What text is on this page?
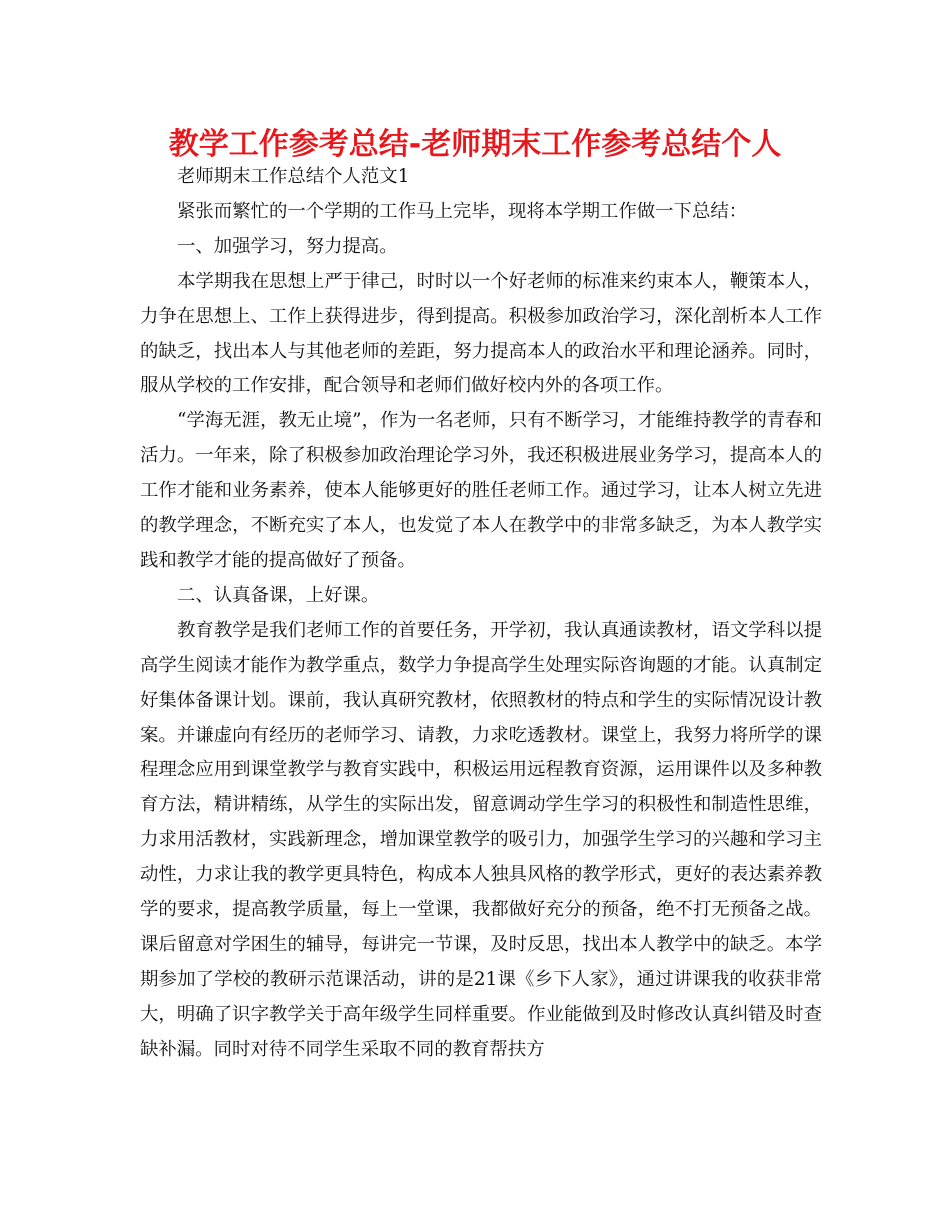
教学工作参考总结-老师期末工作参考总结个人

老师期末工作总结个人范文1

紧张而繁忙的一个学期的工作马上完毕，现将本学期工作做一下总结：

一、加强学习，努力提高。

本学期我在思想上严于律己，时时以一个好老师的标准来约束本人，鞭策本人，力争在思想上、工作上获得进步，得到提高。积极参加政治学习，深化剖析本人工作的缺乏，找出本人与其他老师的差距，努力提高本人的政治水平和理论涵养。同时，服从学校的工作安排，配合领导和老师们做好校内外的各项工作。

“学海无涯，教无止境”，作为一名老师，只有不断学习，才能维持教学的青春和活力。一年来，除了积极参加政治理论学习外，我还积极进展业务学习，提高本人的工作才能和业务素养，使本人能够更好的胜任老师工作。通过学习，让本人树立先进的教学理念，不断充实了本人，也发觉了本人在教学中的非常多缺乏，为本人教学实践和教学才能的提高做好了预备。

二、认真备课，上好课。

教育教学是我们老师工作的首要任务，开学初，我认真通读教材，语文学科以提高学生阅读才能作为教学重点，数学力争提高学生处理实际咨询题的才能。认真制定好集体备课计划。课前，我认真研究教材，依照教材的特点和学生的实际情况设计教案。并谦虚向有经历的老师学习、请教，力求吃透教材。课堂上，我努力将所学的课程理念应用到课堂教学与教育实践中，积极运用远程教育资源，运用课件以及多种教育方法，精讲精练，从学生的实际出发，留意调动学生学习的积极性和制造性思维，力求用活教材，实践新理念，增加课堂教学的吸引力，加强学生学习的兴趣和学习主动性，力求让我的教学更具特色，构成本人独具风格的教学形式，更好的表达素养教学的要求，提高教学质量，每上一堂课，我都做好充分的预备，绝不打无预备之战。课后留意对学困生的辅导，每讲完一节课，及时反思，找出本人教学中的缺乏。本学期参加了学校的教研示范课活动，讲的是21课《乡下人家》，通过讲课我的收获非常大，明确了识字教学关于高年级学生同样重要。作业能做到及时修改认真纠错及时查缺补漏。同时对待不同学生采取不同的教育帮扶方
